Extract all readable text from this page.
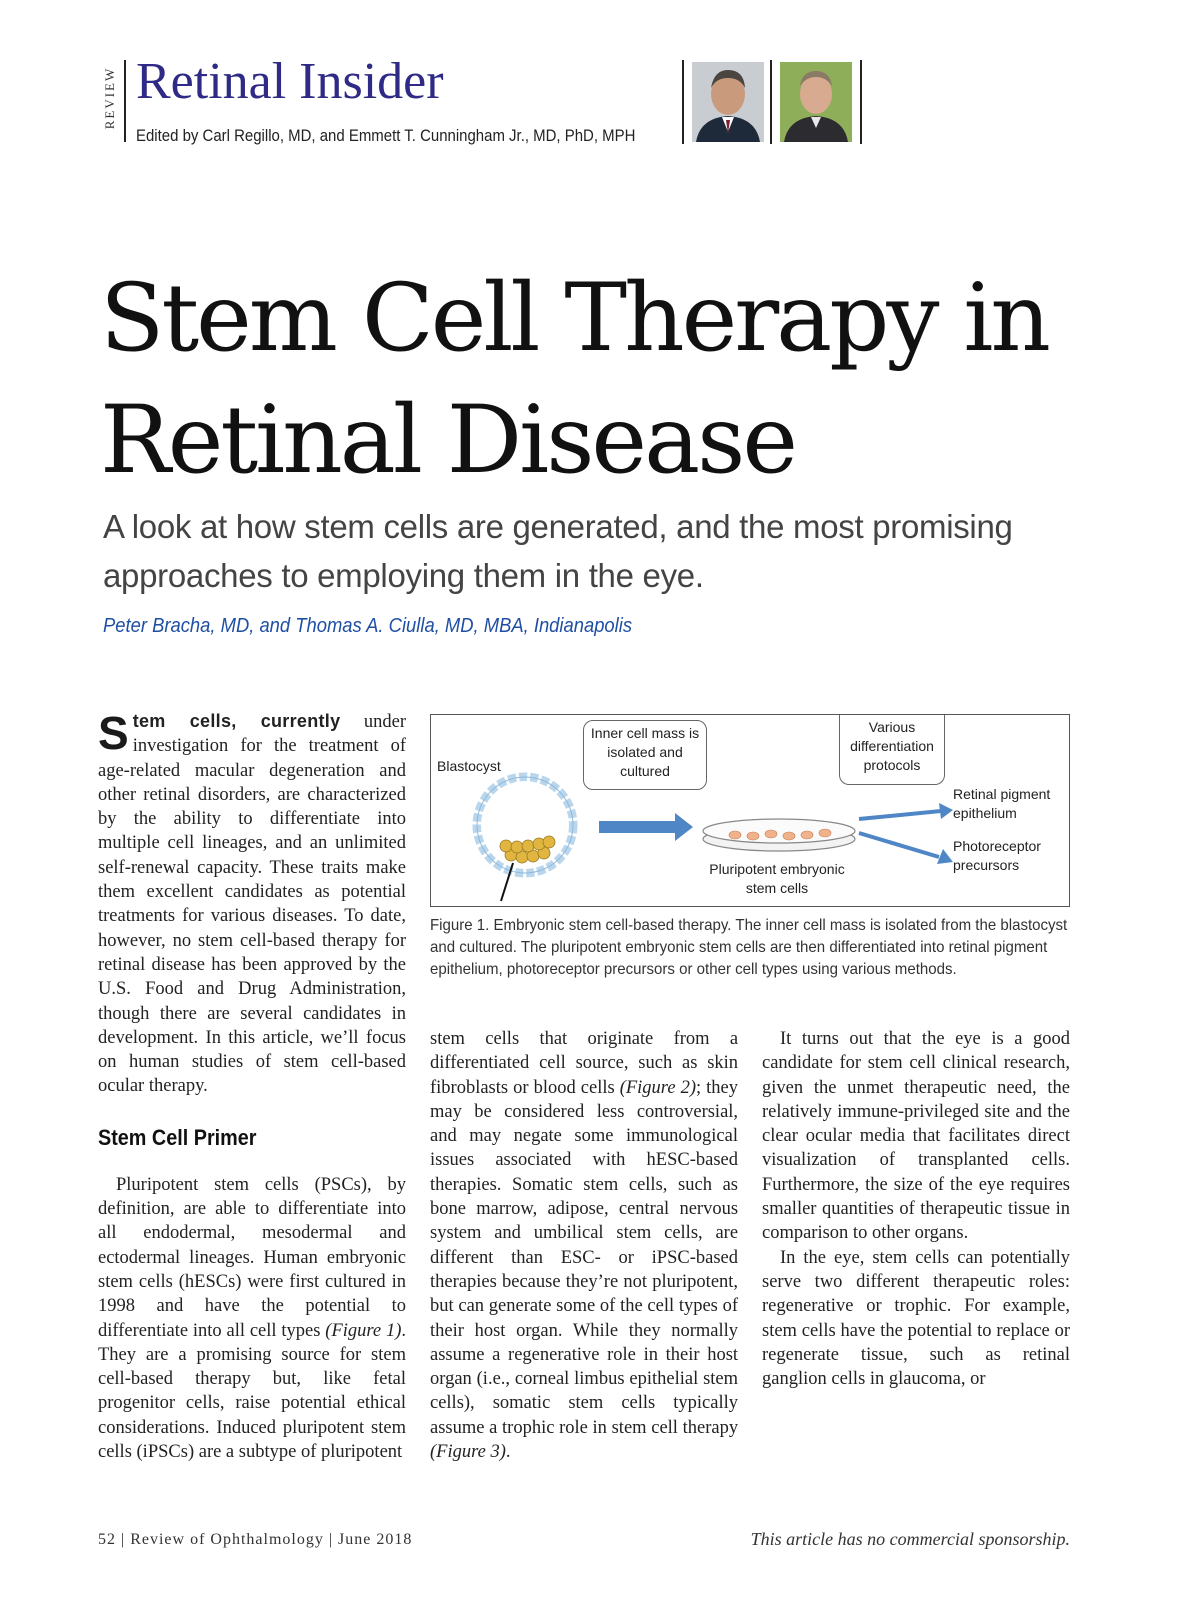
REVIEW Retinal Insider
Edited by Carl Regillo, MD, and Emmett T. Cunningham Jr., MD, PhD, MPH
Stem Cell Therapy in Retinal Disease

A look at how stem cells are generated, and the most promising approaches to employing them in the eye.

Peter Bracha, MD, and Thomas A. Ciulla, MD, MBA, Indianapolis

Stem cells, currently under investigation for the treatment of age-related macular degeneration and other retinal disorders, are characterized by the ability to differentiate into multiple cell lineages, and an unlimited self-renewal capacity. These traits make them excellent candidates as potential treatments for various diseases. To date, however, no stem cell-based therapy for retinal disease has been approved by the U.S. Food and Drug Administration, though there are several candidates in development. In this article, we’ll focus on human studies of stem cell-based ocular therapy.

Stem Cell Primer

Pluripotent stem cells (PSCs), by definition, are able to differentiate into all endodermal, mesodermal and ectodermal lineages. Human embryonic stem cells (hESCs) were first cultured in 1998 and have the potential to differentiate into all cell types (Figure 1). They are a promising source for stem cell-based therapy but, like fetal progenitor cells, raise potential ethical considerations. Induced pluripotent stem cells (iPSCs) are a subtype of pluripotent

Blastocyst
Inner cell mass is isolated and cultured
Various differentiation protocols
Pluripotent embryonic stem cells
Retinal pigment epithelium
Photoreceptor precursors

Figure 1. Embryonic stem cell-based therapy. The inner cell mass is isolated from the blastocyst and cultured. The pluripotent embryonic stem cells are then differentiated into retinal pigment epithelium, photoreceptor precursors or other cell types using various methods.

stem cells that originate from a differentiated cell source, such as skin fibroblasts or blood cells (Figure 2); they may be considered less controversial, and may negate some immunological issues associated with hESC-based therapies. Somatic stem cells, such as bone marrow, adipose, central nervous system and umbilical stem cells, are different than ESC- or iPSC-based therapies because they’re not pluripotent, but can generate some of the cell types of their host organ. While they normally assume a regenerative role in their host organ (i.e., corneal limbus epithelial stem cells), somatic stem cells typically assume a trophic role in stem cell therapy (Figure 3).

It turns out that the eye is a good candidate for stem cell clinical research, given the unmet therapeutic need, the relatively immune-privileged site and the clear ocular media that facilitates direct visualization of transplanted cells. Furthermore, the size of the eye requires smaller quantities of therapeutic tissue in comparison to other organs.

In the eye, stem cells can potentially serve two different therapeutic roles: regenerative or trophic. For example, stem cells have the potential to replace or regenerate tissue, such as retinal ganglion cells in glaucoma, or

52 | Review of Ophthalmology | June 2018	This article has no commercial sponsorship.
